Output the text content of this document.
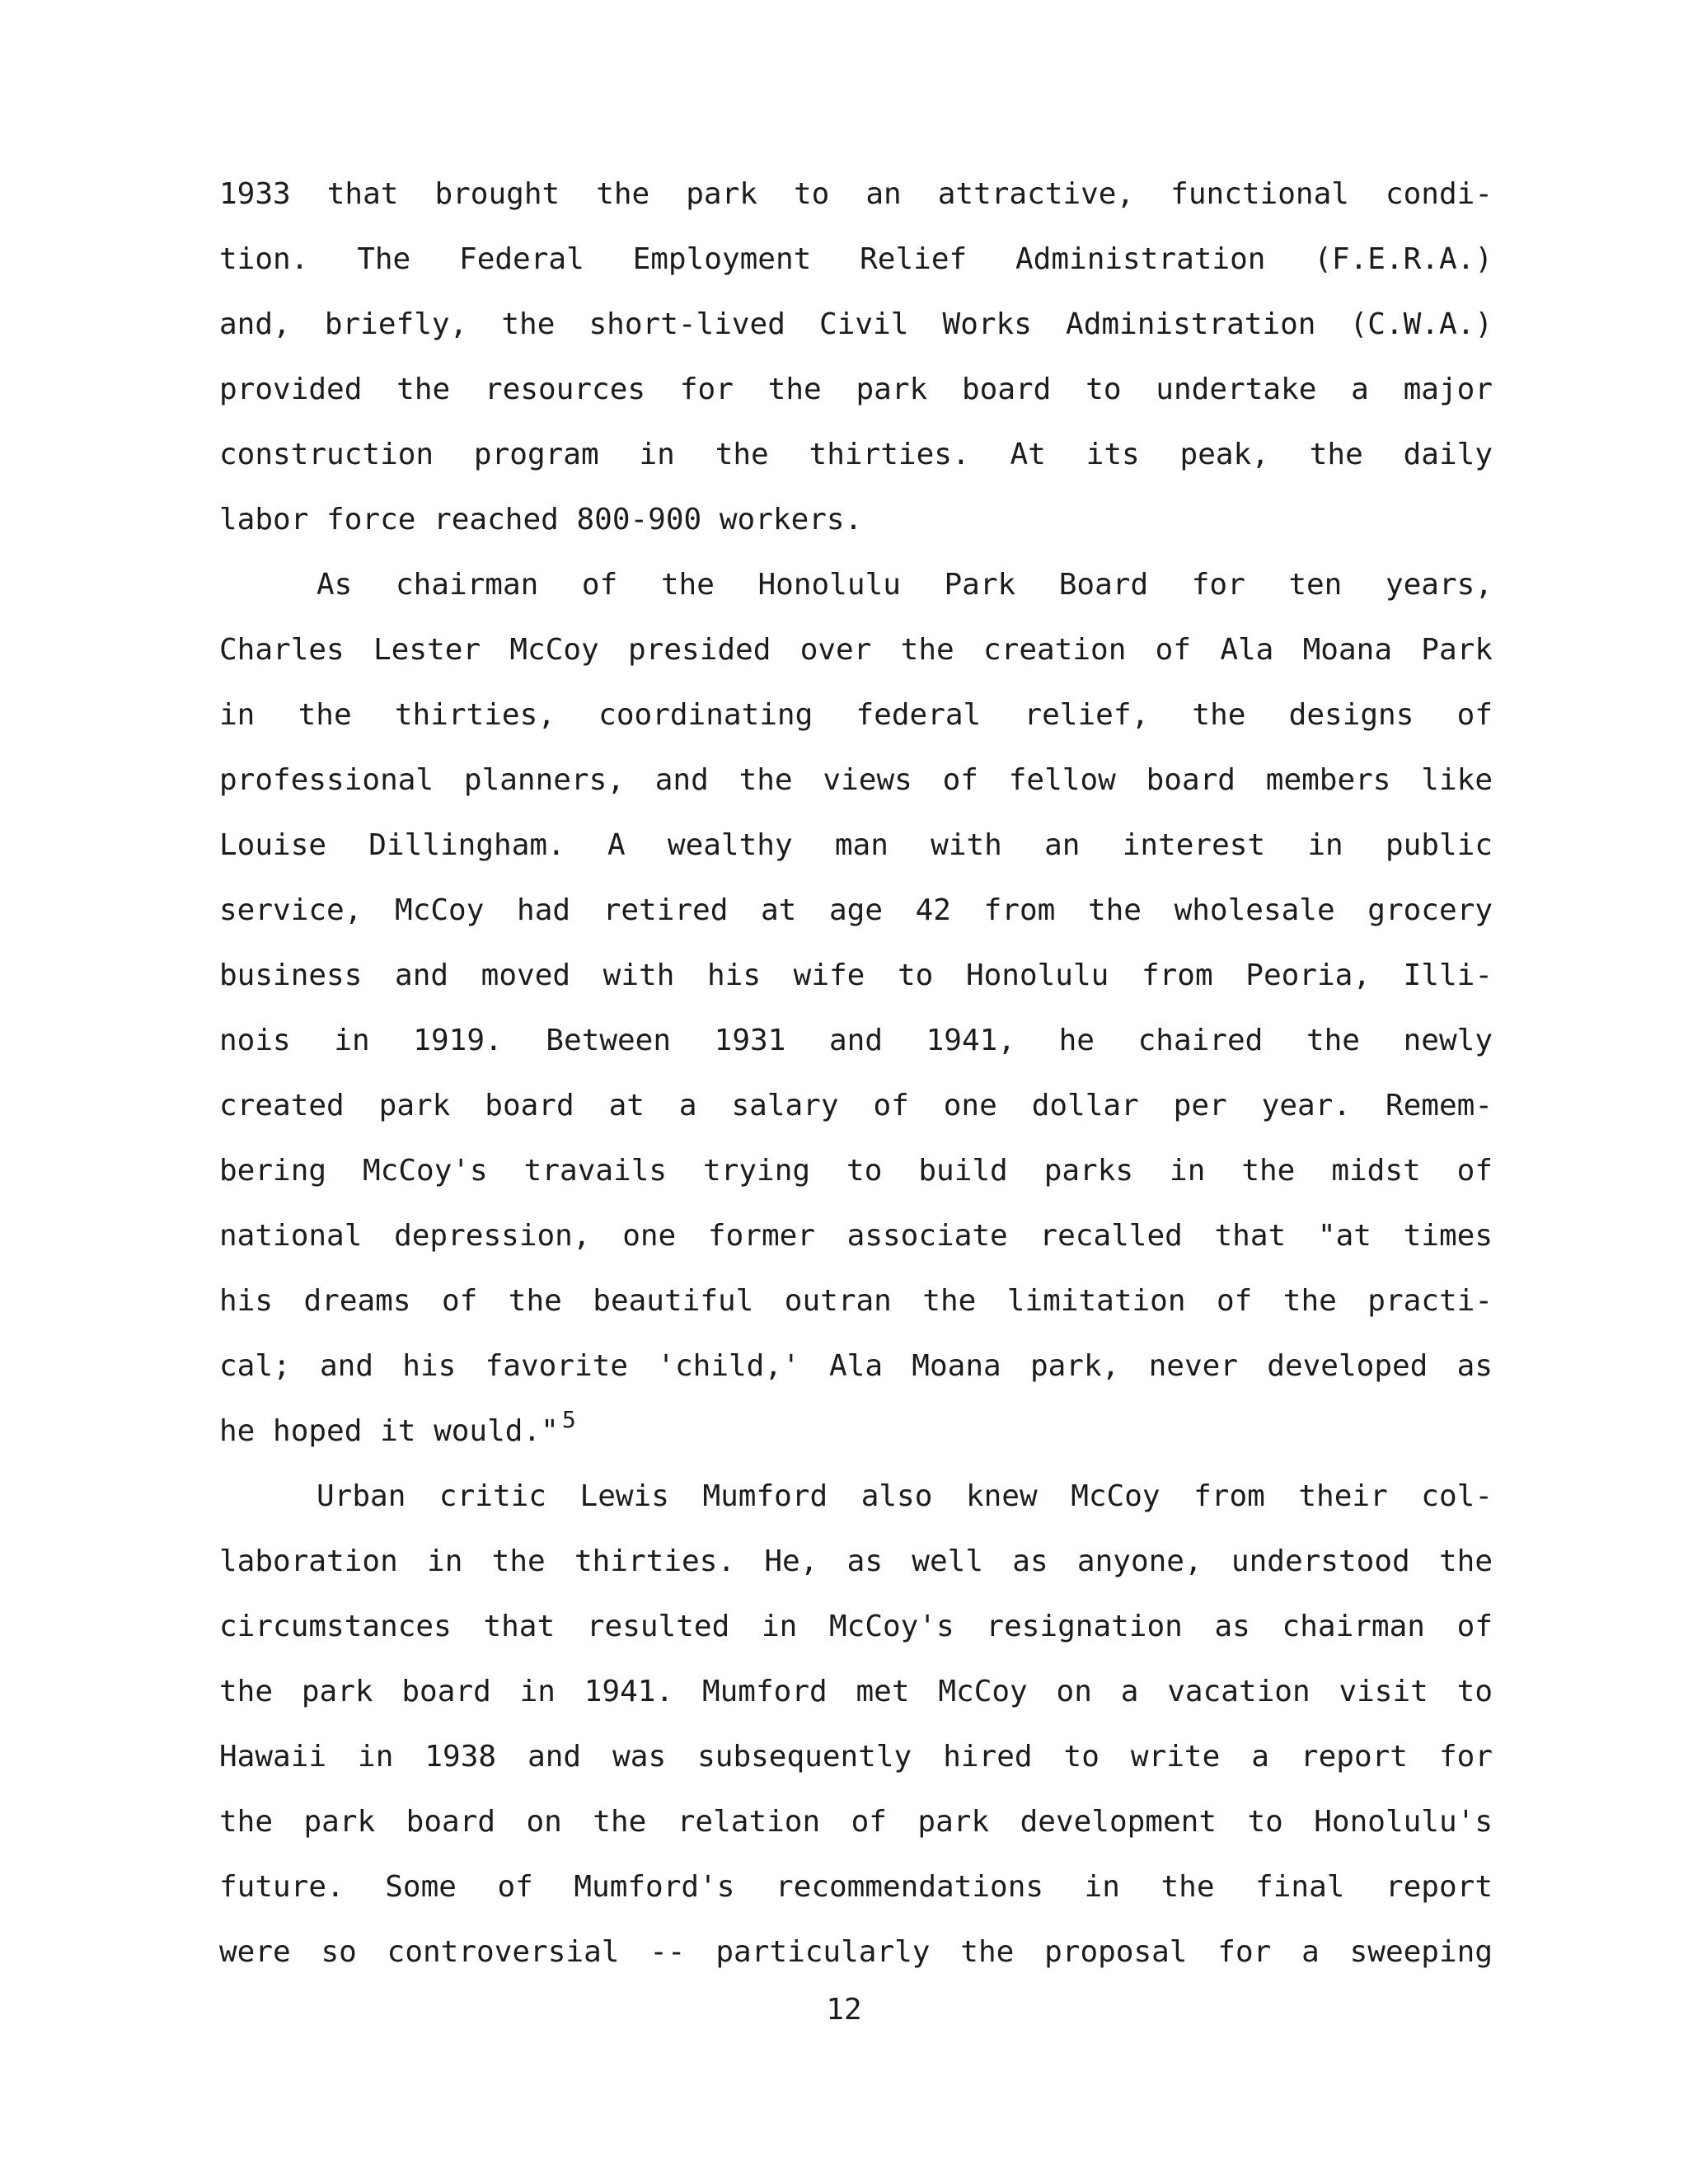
1933 that brought the park to an attractive, functional condi-
tion. The Federal Employment Relief Administration (F.E.R.A.)
and, briefly, the short-lived Civil Works Administration (C.W.A.)
provided the resources for the park board to undertake a major
construction program in the thirties. At its peak, the daily
labor force reached 800-900 workers.
As chairman of the Honolulu Park Board for ten years,
Charles Lester McCoy presided over the creation of Ala Moana Park
in the thirties, coordinating federal relief, the designs of
professional planners, and the views of fellow board members like
Louise Dillingham. A wealthy man with an interest in public
service, McCoy had retired at age 42 from the wholesale grocery
business and moved with his wife to Honolulu from Peoria, Illi-
nois in 1919. Between 1931 and 1941, he chaired the newly
created park board at a salary of one dollar per year. Remem-
bering McCoy's travails trying to build parks in the midst of
national depression, one former associate recalled that "at times
his dreams of the beautiful outran the limitation of the practi-
cal; and his favorite 'child,' Ala Moana park, never developed as
he hoped it would." $^5$
Urban critic Lewis Mumford also knew McCoy from their col-
laboration in the thirties. He, as well as anyone, understood the
circumstances that resulted in McCoy's resignation as chairman of
the park board in 1941. Mumford met McCoy on a vacation visit to
Hawaii in 1938 and was subsequently hired to write a report for
the park board on the relation of park development to Honolulu's
future. Some of Mumford's recommendations in the final report
were so controversial -- particularly the proposal for a sweeping
12
